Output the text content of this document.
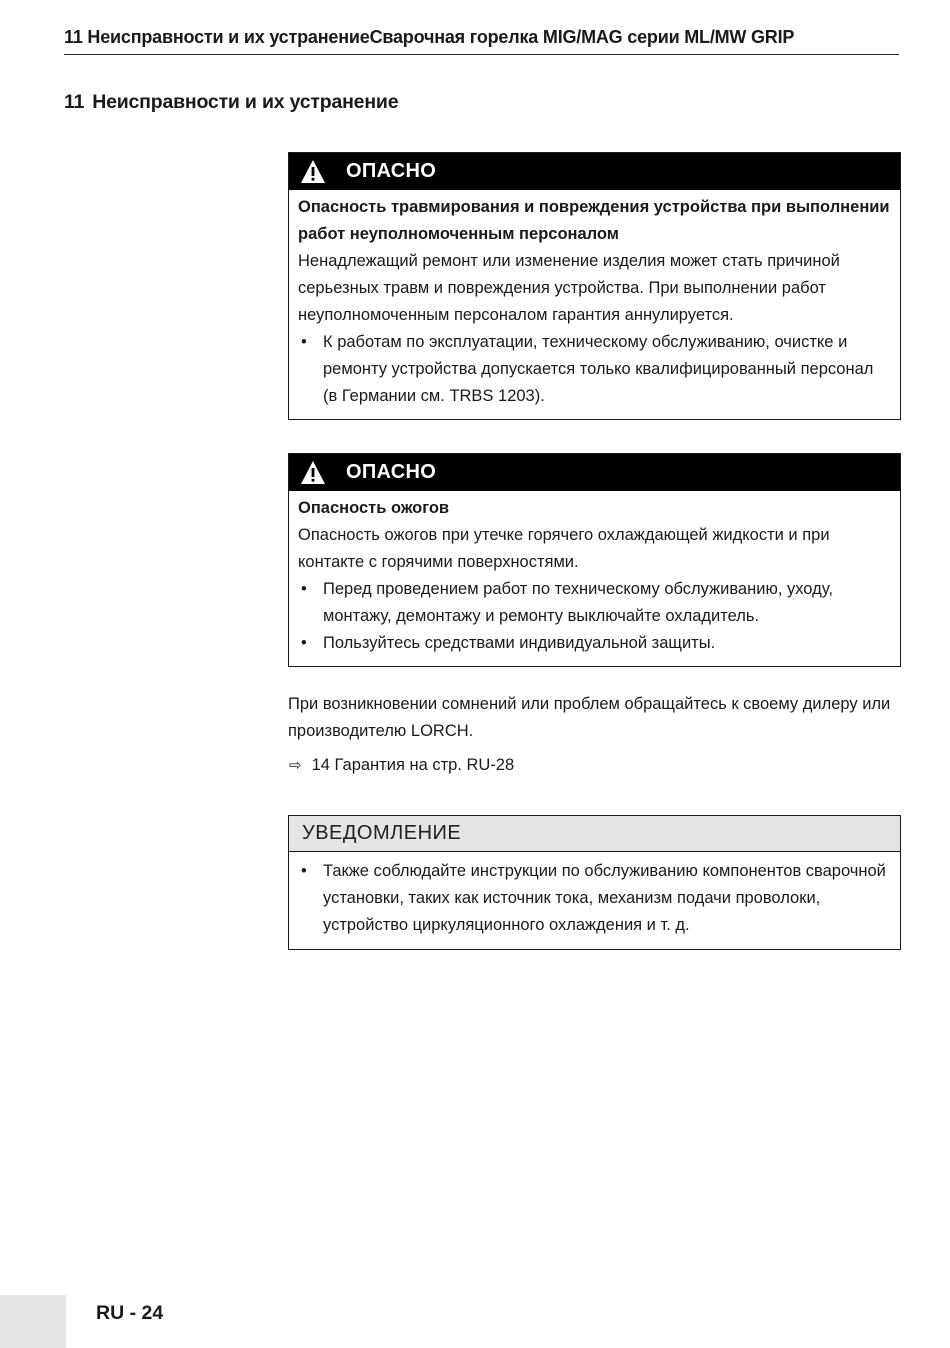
11 Неисправности и их устранениеСварочная горелка MIG/MAG серии ML/MW GRIP
11 Неисправности и их устранение
ОПАСНО
Опасность травмирования и повреждения устройства при выполнении работ неуполномоченным персоналом
Ненадлежащий ремонт или изменение изделия может стать причиной серьезных травм и повреждения устройства. При выполнении работ неуполномоченным персоналом гарантия аннулируется.
• К работам по эксплуатации, техническому обслуживанию, очистке и ремонту устройства допускается только квалифицированный персонал (в Германии см. TRBS 1203).
ОПАСНО
Опасность ожогов
Опасность ожогов при утечке горячего охлаждающей жидкости и при контакте с горячими поверхностями.
• Перед проведением работ по техническому обслуживанию, уходу, монтажу, демонтажу и ремонту выключайте охладитель.
• Пользуйтесь средствами индивидуальной защиты.
При возникновении сомнений или проблем обращайтесь к своему дилеру или производителю LORCH.
⇨ 14 Гарантия на стр. RU-28
УВЕДОМЛЕНИЕ
• Также соблюдайте инструкции по обслуживанию компонентов сварочной установки, таких как источник тока, механизм подачи проволоки, устройство циркуляционного охлаждения и т. д.
RU - 24
